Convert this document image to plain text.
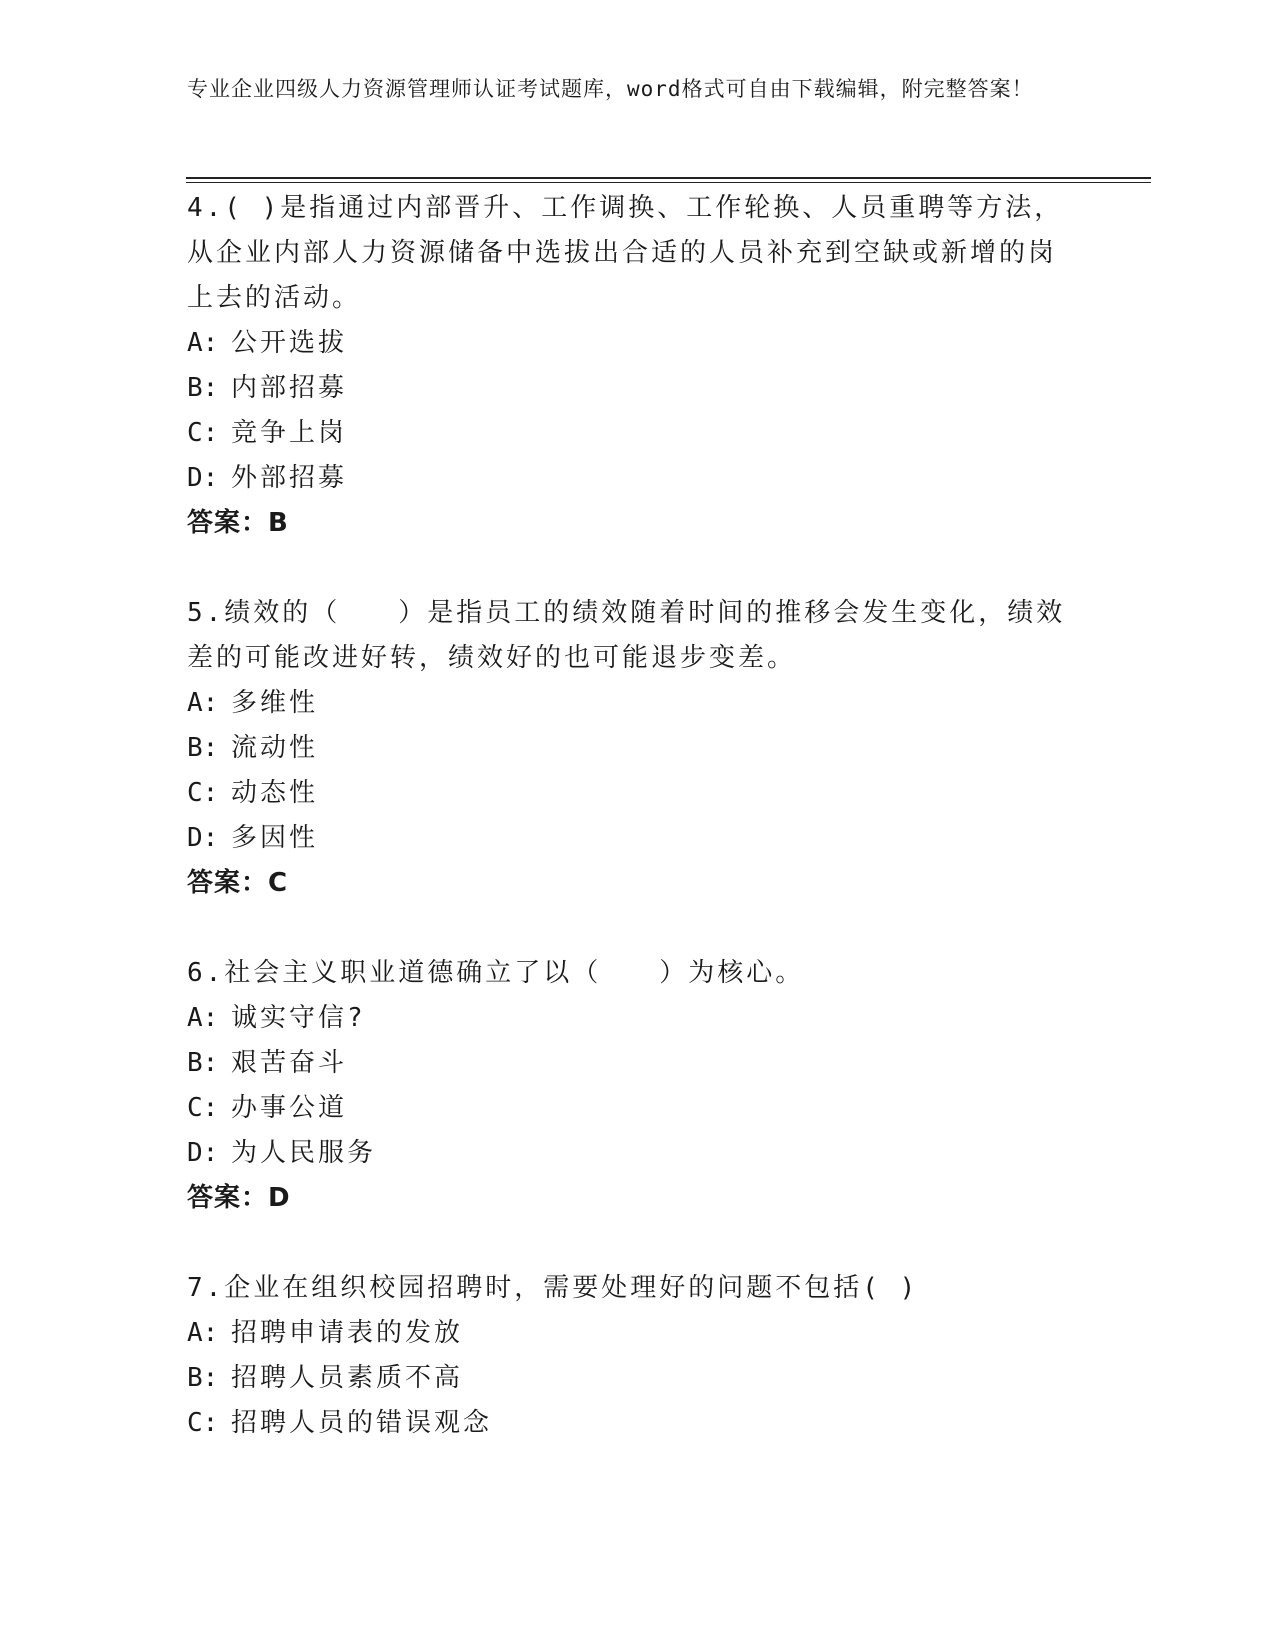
专业企业四级人力资源管理师认证考试题库，word格式可自由下载编辑，附完整答案！

4.( )是指通过内部晋升、工作调换、工作轮换、人员重聘等方法，从企业内部人力资源储备中选拔出合适的人员补充到空缺或新增的岗上去的活动。

A: 公开选拔

B: 内部招募

C: 竞争上岗

D: 外部招募

答案：B

5.绩效的（　　）是指员工的绩效随着时间的推移会发生变化，绩效差的可能改进好转，绩效好的也可能退步变差。

A: 多维性

B: 流动性

C: 动态性

D: 多因性

答案：C

6.社会主义职业道德确立了以（　　）为核心。

A: 诚实守信?

B: 艰苦奋斗

C: 办事公道

D: 为人民服务

答案：D

7.企业在组织校园招聘时，需要处理好的问题不包括( )

A: 招聘申请表的发放

B: 招聘人员素质不高

C: 招聘人员的错误观念
